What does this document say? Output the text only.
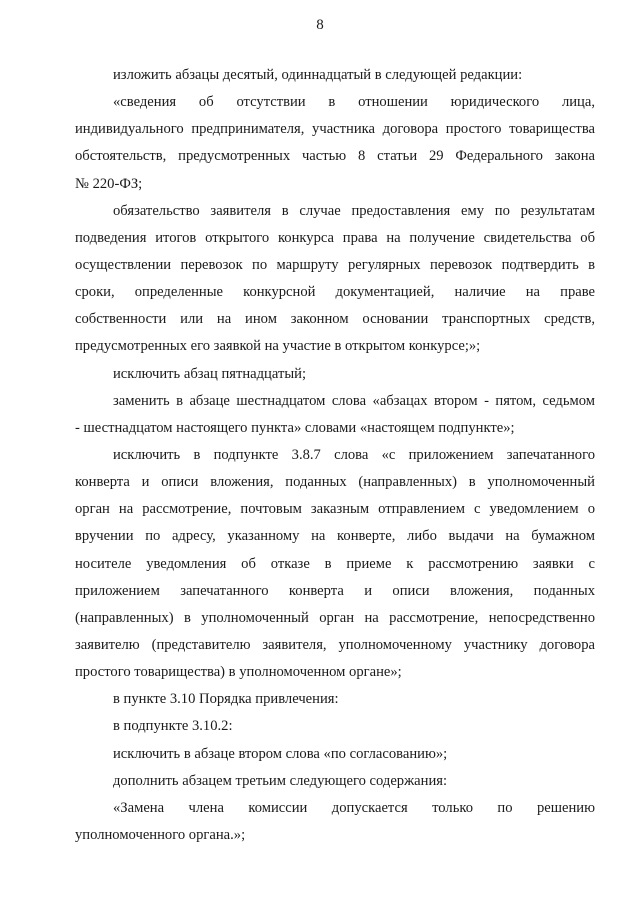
8
изложить абзацы десятый, одиннадцатый в следующей редакции:
«сведения об отсутствии в отношении юридического лица,
индивидуального предпринимателя, участника договора простого товарищества
обстоятельств, предусмотренных частью 8 статьи 29 Федерального закона
№ 220-ФЗ;
обязательство заявителя в случае предоставления ему по результатам
подведения итогов открытого конкурса права на получение свидетельства об
осуществлении перевозок по маршруту регулярных перевозок подтвердить в
сроки, определенные конкурсной документацией, наличие на праве
собственности или на ином законном основании транспортных средств,
предусмотренных его заявкой на участие в открытом конкурсе;»;
исключить абзац пятнадцатый;
заменить в абзаце шестнадцатом слова «абзацах втором - пятом, седьмом
- шестнадцатом настоящего пункта» словами «настоящем подпункте»;
исключить в подпункте 3.8.7 слова «с приложением запечатанного
конверта и описи вложения, поданных (направленных) в уполномоченный
орган на рассмотрение, почтовым заказным отправлением с уведомлением о
вручении по адресу, указанному на конверте, либо выдачи на бумажном
носителе уведомления об отказе в приеме к рассмотрению заявки с
приложением запечатанного конверта и описи вложения, поданных
(направленных) в уполномоченный орган на рассмотрение, непосредственно
заявителю (представителю заявителя, уполномоченному участнику договора
простого товарищества) в уполномоченном органе»;
в пункте 3.10 Порядка привлечения:
в подпункте 3.10.2:
исключить в абзаце втором слова «по согласованию»;
дополнить абзацем третьим следующего содержания:
«Замена члена комиссии допускается только по решению
уполномоченного органа.»;
